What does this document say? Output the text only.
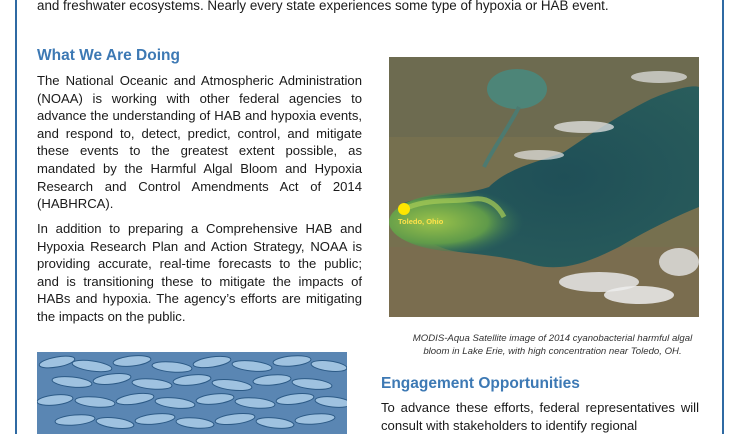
and freshwater ecosystems. Nearly every state experiences some type of hypoxia or HAB event.
What We Are Doing

The National Oceanic and Atmospheric Administration (NOAA) is working with other federal agencies to advance the understanding of HAB and hypoxia events, and respond to, detect, predict, control, and mitigate these events to the greatest extent possible, as mandated by the Harmful Algal Bloom and Hypoxia Research and Control Amendments Act of 2014 (HABHRCA).

In addition to preparing a Comprehensive HAB and Hypoxia Research Plan and Action Strategy, NOAA is providing accurate, real-time forecasts to the public; and is transitioning these to mitigate the impacts of HABs and hypoxia. The agency’s efforts are mitigating the impacts on the public.

Toledo, Ohio
MODIS-Aqua Satellite image of 2014 cyanobacterial harmful algal bloom in Lake Erie, with high concentration near Toledo, OH.
Engagement Opportunities

To advance these efforts, federal representatives will consult with stakeholders to identify regional
